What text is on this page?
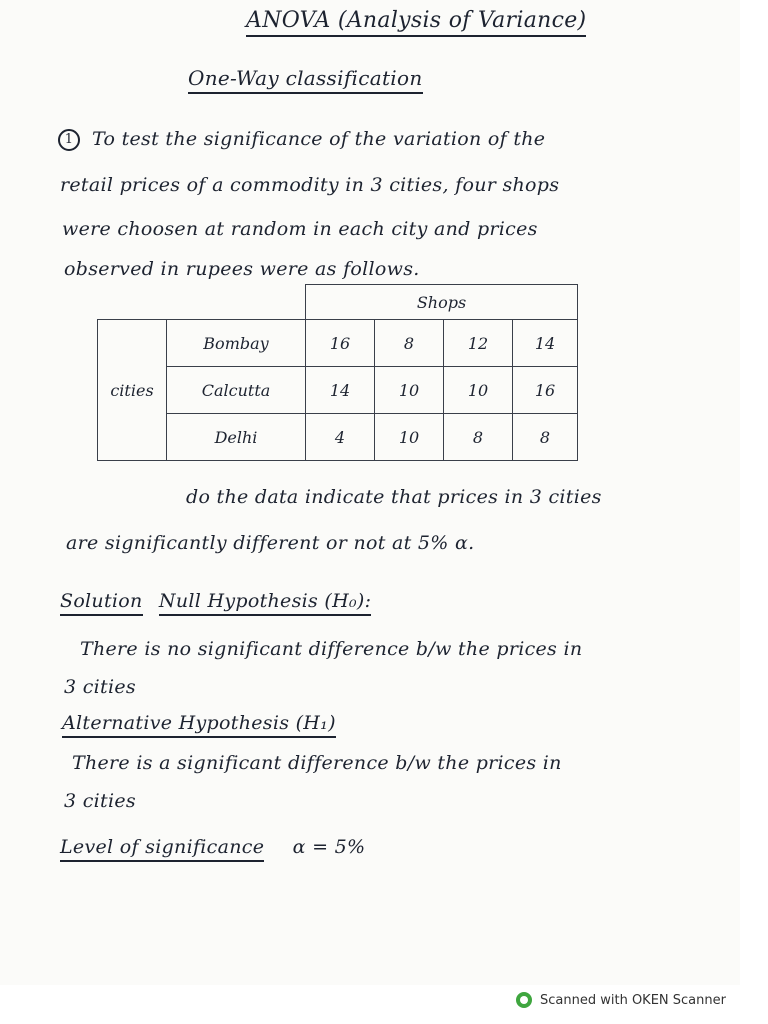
ANOVA (Analysis of Variance)
One-Way classification
1 To test the significance of the variation of the
retail prices of a commodity in 3 cities, four shops
were choosen at random in each city and prices
observed in rupees were as follows.
		Shops			
	Bombay	16	8	12	14
cities	Calcutta	14	10	10	16
	Delhi	4	10	8	8
do the data indicate that prices in 3 cities
are significantly different or not at 5% α.
Solution Null Hypothesis (H₀):
There is no significant difference b/w the prices in
3 cities
Alternative Hypothesis (H₁)
There is a significant difference b/w the prices in
3 cities
Level of significance α = 5%
Scanned with OKEN Scanner
